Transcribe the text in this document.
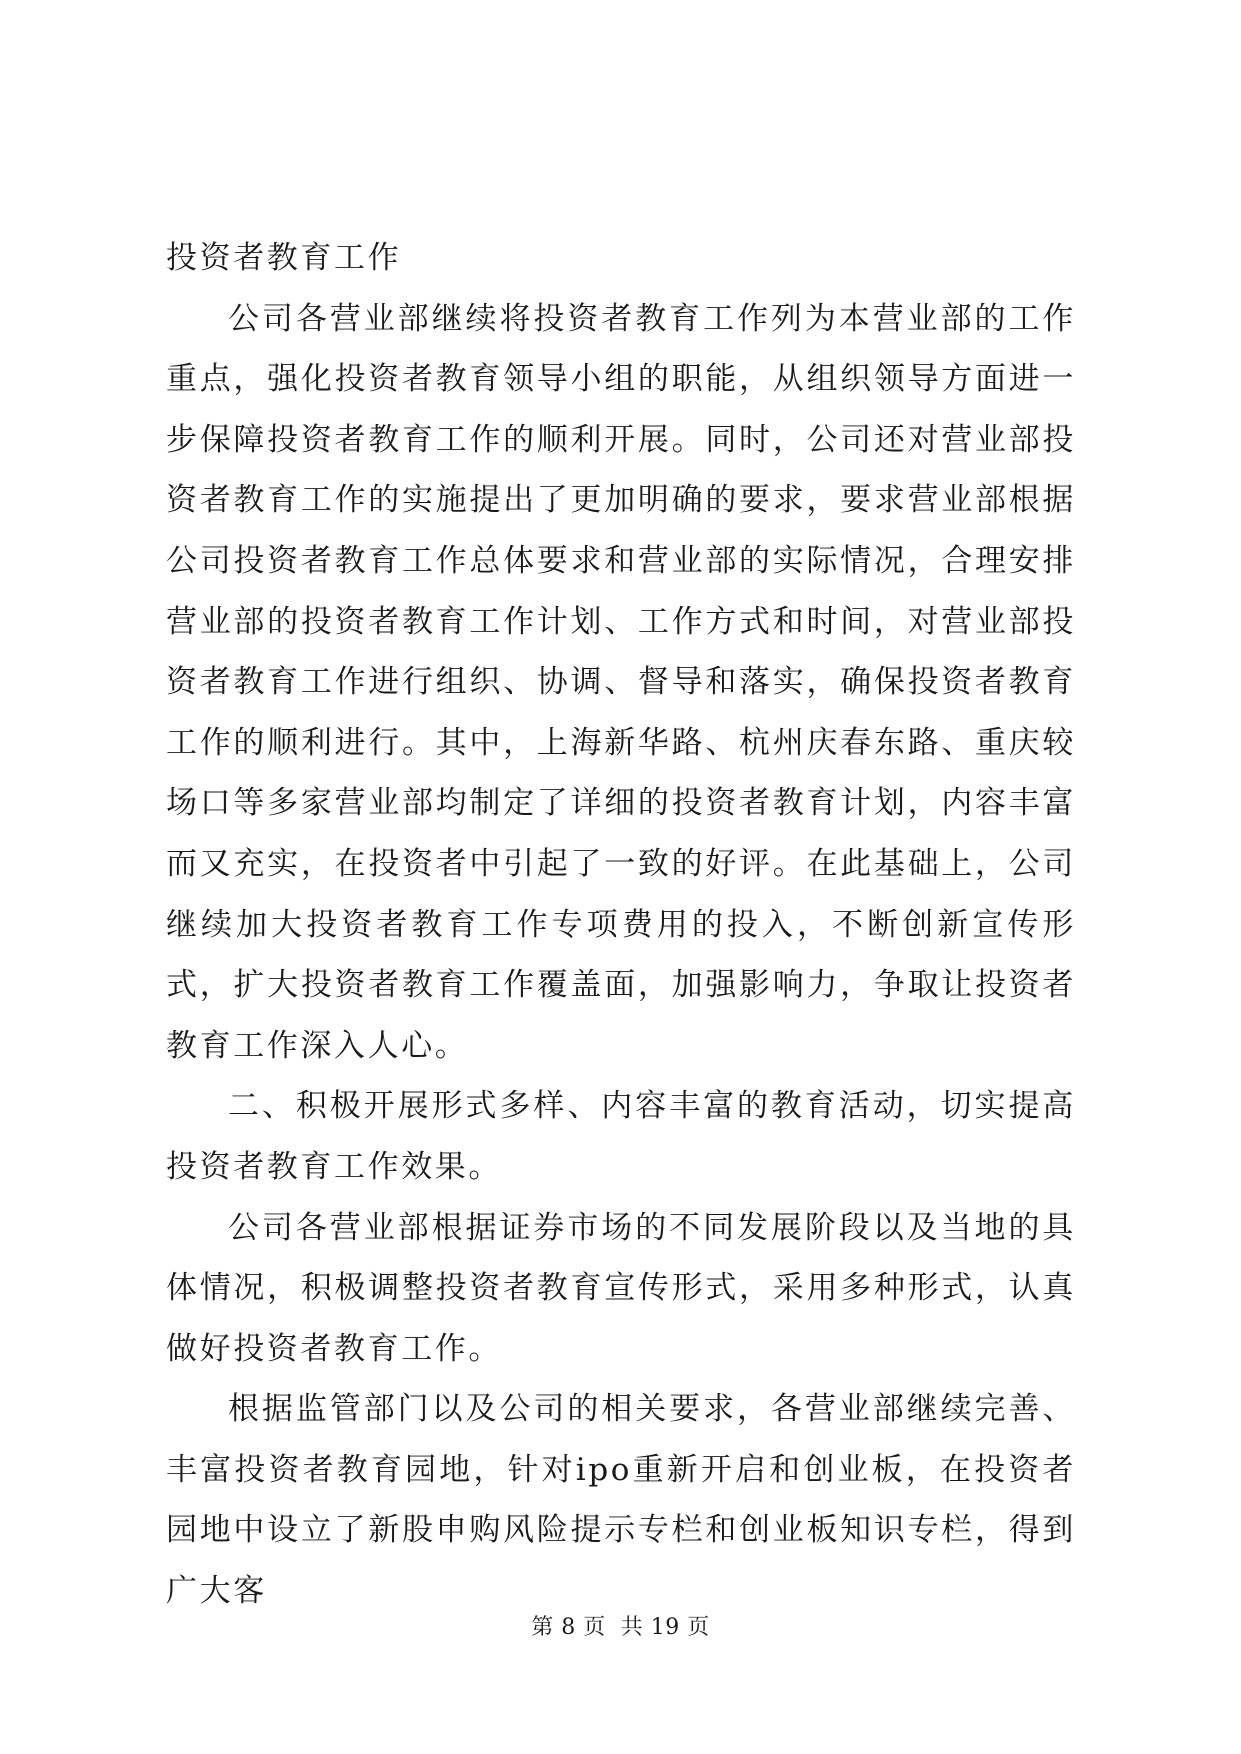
投资者教育工作

公司各营业部继续将投资者教育工作列为本营业部的工作重点，强化投资者教育领导小组的职能，从组织领导方面进一步保障投资者教育工作的顺利开展。同时，公司还对营业部投资者教育工作的实施提出了更加明确的要求，要求营业部根据公司投资者教育工作总体要求和营业部的实际情况，合理安排营业部的投资者教育工作计划、工作方式和时间，对营业部投资者教育工作进行组织、协调、督导和落实，确保投资者教育工作的顺利进行。其中，上海新华路、杭州庆春东路、重庆较场口等多家营业部均制定了详细的投资者教育计划，内容丰富而又充实，在投资者中引起了一致的好评。在此基础上，公司继续加大投资者教育工作专项费用的投入，不断创新宣传形式，扩大投资者教育工作覆盖面，加强影响力，争取让投资者教育工作深入人心。

二、积极开展形式多样、内容丰富的教育活动，切实提高投资者教育工作效果。

公司各营业部根据证券市场的不同发展阶段以及当地的具体情况，积极调整投资者教育宣传形式，采用多种形式，认真做好投资者教育工作。

根据监管部门以及公司的相关要求，各营业部继续完善、丰富投资者教育园地，针对ipo重新开启和创业板，在投资者园地中设立了新股申购风险提示专栏和创业板知识专栏，得到广大客

第 8 页  共 19 页
